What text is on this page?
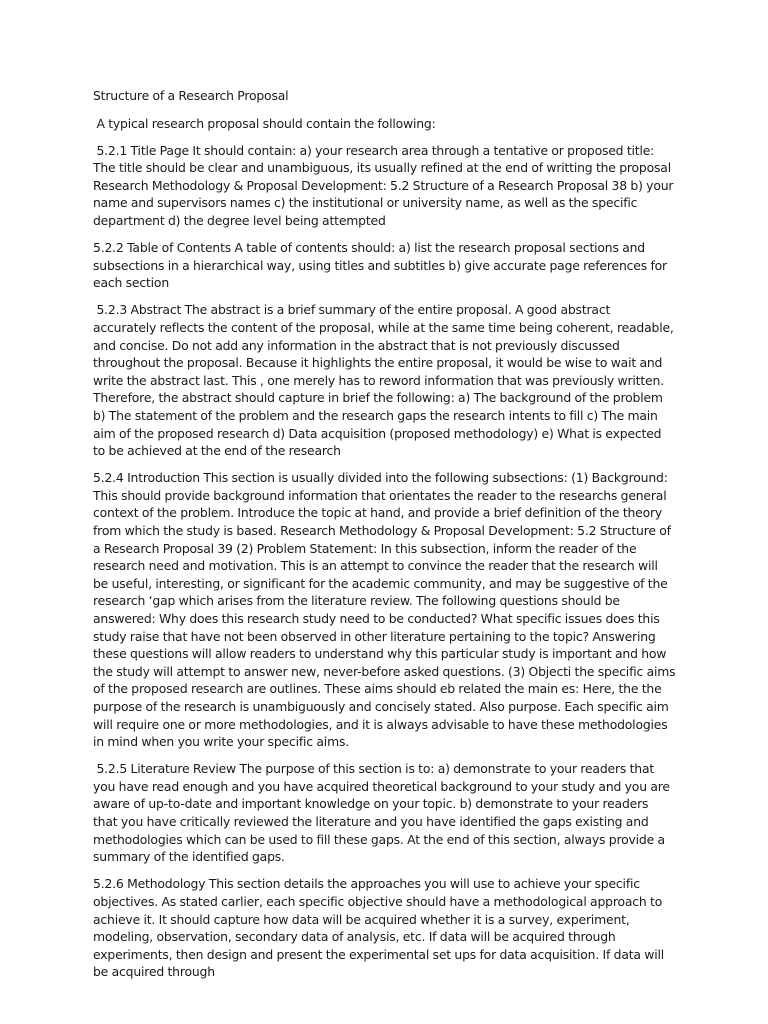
Structure of a Research Proposal
A typical research proposal should contain the following:
5.2.1 Title Page It should contain: a) your research area through a tentative or proposed title: The title should be clear and unambiguous, its usually refined at the end of writting the proposal Research Methodology & Proposal Development: 5.2 Structure of a Research Proposal 38 b) your name and supervisors names c) the institutional or university name, as well as the specific department d) the degree level being attempted
5.2.2 Table of Contents A table of contents should: a) list the research proposal sections and subsections in a hierarchical way, using titles and subtitles b) give accurate page references for each section
5.2.3 Abstract The abstract is a brief summary of the entire proposal. A good abstract accurately reflects the content of the proposal, while at the same time being coherent, readable, and concise. Do not add any information in the abstract that is not previously discussed throughout the proposal. Because it highlights the entire proposal, it would be wise to wait and write the abstract last. This , one merely has to reword information that was previously written. Therefore, the abstract should capture in brief the following: a) The background of the problem b) The statement of the problem and the research gaps the research intents to fill c) The main aim of the proposed research d) Data acquisition (proposed methodology) e) What is expected to be achieved at the end of the research
5.2.4 Introduction This section is usually divided into the following subsections: (1) Background: This should provide background information that orientates the reader to the researchs general context of the problem. Introduce the topic at hand, and provide a brief definition of the theory from which the study is based. Research Methodology & Proposal Development: 5.2 Structure of a Research Proposal 39 (2) Problem Statement: In this subsection, inform the reader of the research need and motivation. This is an attempt to convince the reader that the research will be useful, interesting, or significant for the academic community, and may be suggestive of the research ‘gap which arises from the literature review. The following questions should be answered: Why does this research study need to be conducted? What specific issues does this study raise that have not been observed in other literature pertaining to the topic? Answering these questions will allow readers to understand why this particular study is important and how the study will attempt to answer new, never-before asked questions. (3) Objecti the specific aims of the proposed research are outlines. These aims should eb related the main es: Here, the the purpose of the research is unambiguously and concisely stated. Also purpose. Each specific aim will require one or more methodologies, and it is always advisable to have these methodologies in mind when you write your specific aims.
5.2.5 Literature Review The purpose of this section is to: a) demonstrate to your readers that you have read enough and you have acquired theoretical background to your study and you are aware of up-to-date and important knowledge on your topic. b) demonstrate to your readers that you have critically reviewed the literature and you have identified the gaps existing and methodologies which can be used to fill these gaps. At the end of this section, always provide a summary of the identified gaps.
5.2.6 Methodology This section details the approaches you will use to achieve your specific objectives. As stated carlier, each specific objective should have a methodological approach to achieve it. It should capture how data will be acquired whether it is a survey, experiment, modeling, observation, secondary data of analysis, etc. If data will be acquired through experiments, then design and present the experimental set ups for data acquisition. If data will be acquired through
